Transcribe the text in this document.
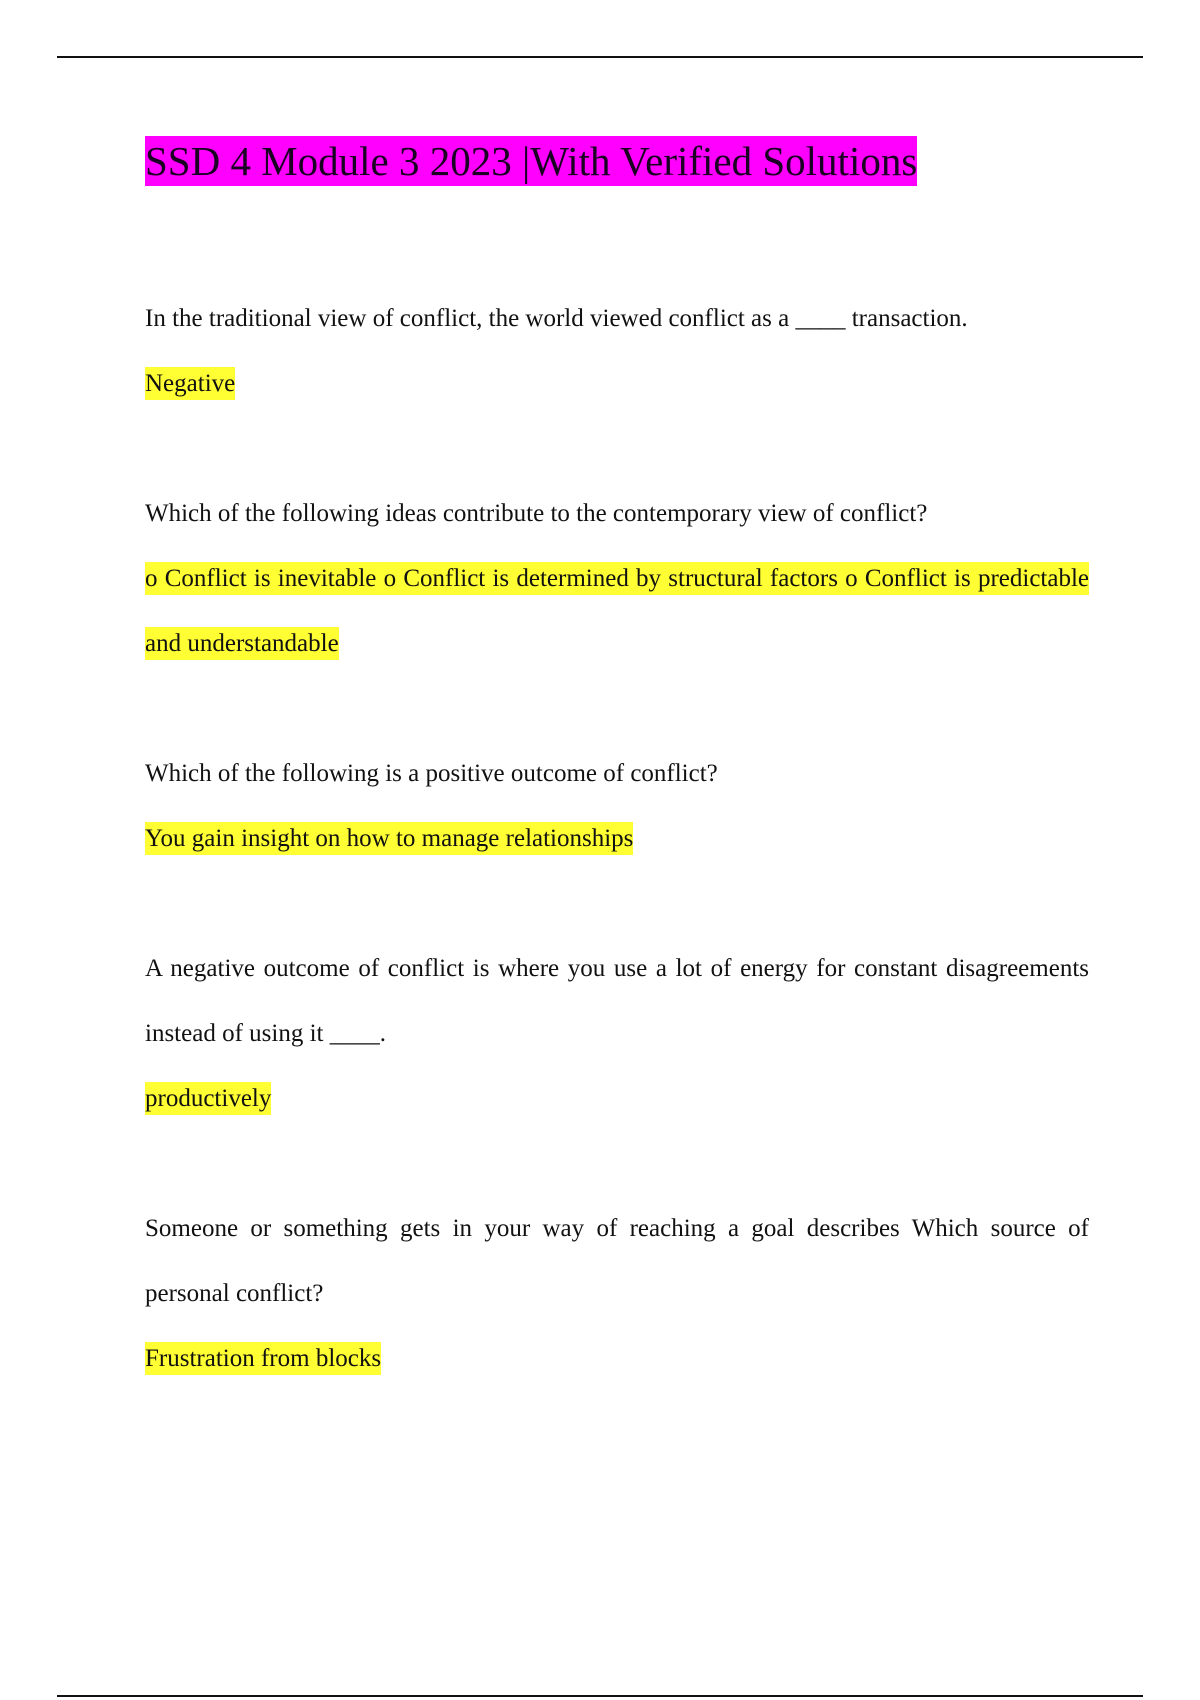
SSD 4 Module 3 2023 |With Verified Solutions
In the traditional view of conflict, the world viewed conflict as a ____ transaction.
Negative
Which of the following ideas contribute to the contemporary view of conflict?
o Conflict is inevitable o Conflict is determined by structural factors o Conflict is predictable and understandable
Which of the following is a positive outcome of conflict?
You gain insight on how to manage relationships
A negative outcome of conflict is where you use a lot of energy for constant disagreements instead of using it ____.
productively
Someone or something gets in your way of reaching a goal describes Which source of personal conflict?
Frustration from blocks
